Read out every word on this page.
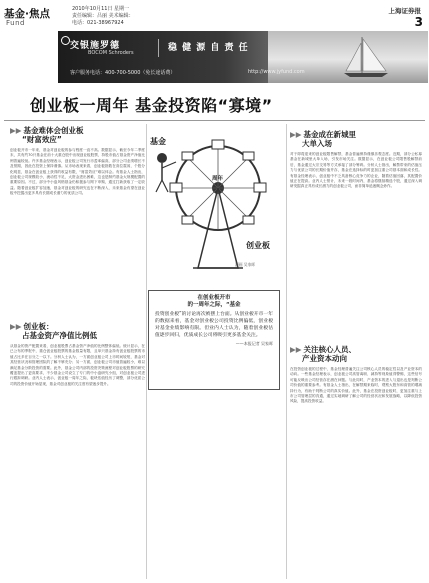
基金·焦点
Fund
2010年10月11日 星期一
责任编辑：吕丽 美术编辑：
电话：021-38967924
上海证券报
3
交银施罗德
BOCOM Schroders	稳 健 源 自 责 任
客户服务电话：400-700-5000（免长途话费）	http://www.jyfund.com
创业板一周年 基金投资陷“寡境”
▶▶ 基金难体会创业板
“财富效应”
创业板开市一年来，基金对创业板的参与程度一直不高。数据显示，截至今年二季度末，共有约70只基金在前十大重仓股中出现创业板股票，持股市值占基金资产净值比例普遍较低。许多基金经理表示，创业板公司发行市盈率偏高，部分公司业绩增长不及预期，因此在投资上保持谨慎。从市场表现来看，创业板指数在高位震荡，个股分化明显，基金在创业板上获得的收益有限，“财富效应”难以体会。有基金人士指出，创业板公司规模较小，流动性不足，大资金进出困难，这也是制约基金大规模配置的重要原因。不过，部分中小盘风格基金仍积极参与网下申购，通过打新获取了一定收益。随着创业板扩容加速，基金对创业板的研究也在不断深入，未来基金有望在创业板中挖掘出更多具有长期成长潜力的优质公司。
▶▶ 创业板：
占基金资产净值比例低
从基金的资产配置来看，创业板股票占基金资产净值的比例整体偏低。统计显示，在已公布的季报中，重仓创业板股票的基金数量有限，且单只基金持有创业板股票的市值占比多在百分之一以下。分析人士认为，一方面创业板公司上市时间较短，基金对其经营状况和管理团队的了解不够充分；另一方面，创业板公司市值普遍较小，难以满足基金分散投资的需要。此外，基金公司内部的投资决策流程对创业板股票的研究覆盖提出了更高要求，不少基金公司设立了专门的中小盘研究小组，对创业板公司进行跟踪调研。业内人士表示，创业板一周年之际，板块估值经历了调整，部分优质公司的投资价值开始显现，基金对创业板的关注度有望逐步提升。
基金
周年
创业板
漫画 吴家晖
在创业板开市
的一周年之际，“基金
投资创业板”的讨论再次被摆上台面。从创业板开市一年的数据来看，基金对创业板公司投资比例偏低，创业板对基金业绩影响有限。但业内人士认为，随着创业板估值逐步回归，优质成长公司将吸引更多基金关注。
——本报记者 吴家晖
▶▶ 基金成在新城里
大单入场
对于即将迎来的创业板限售解禁，基金普遍保持谨慎乐观态度。近期，部分公私募基金在新城里大单入场，引发市场关注。数据显示，在创业板公司限售股解禁前后，基金通过大宗交易等方式承接了部分筹码。分析人士指出，解禁带来的估值压力与优质公司的长期价值并存，基金在选择标的时更加注重公司基本面和成长性。有基金经理表示，创业板中不乏具备核心竞争力的企业，随着估值回落，其配置价值正在提高。业内人士预计，未来一段时间内，基金将继续精选个股，通过深入调研发掘真正具有成长潜力的创业板公司，而非简单追逐概念炒作。
▶▶ 关注核心人员、
产业资本动向
在投资创业板的过程中，基金经理普遍关注公司核心人员的稳定性以及产业资本的动向。一些基金经理表示，创业板公司高管离职、减持等现象值得警惕，这些信号可能反映出公司经营存在潜在问题。与此同时，产业资本的进入与退出也是判断公司价值的重要参考。有基金人士指出，在解禁期来临时，观察大股东和高管的增减持行为，有助于判断公司的真实价值。此外，基金在投资创业板时，更加注重与上市公司管理层的沟通，通过实地调研了解公司的经营状况和发展战略，以降低投资风险，提高投资收益。
